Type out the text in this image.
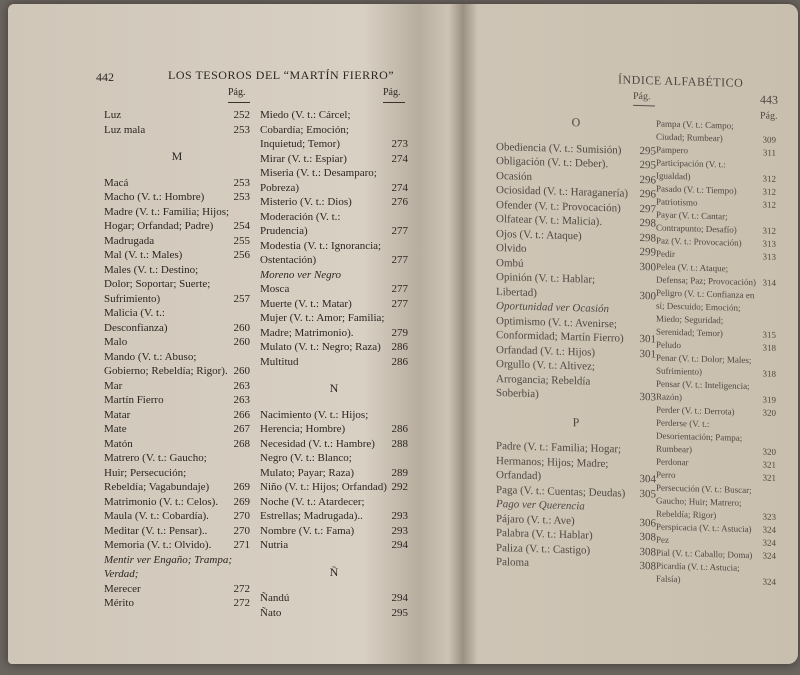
442	LOS TESOROS DEL “MARTÍN FIERRO”
Pág.	Pág.
Luz	252
Luz mala	253
M
Macá	253
Macho (V. t.: Hombre)	253
Madre (V. t.: Familia; Hijos; Hogar; Orfandad; Padre)	254
Madrugada	255
Mal (V. t.: Males)	256
Males (V. t.: Destino; Dolor; Soportar; Suerte; Sufrimiento)	257
Malicia (V. t.: Desconfianza)	260
Malo	260
Mando (V. t.: Abuso; Gobierno; Rebeldía; Rigor). 260
Mar	263
Martín Fierro	263
Matar	266
Mate	267
Matón	268
Matrero (V. t.: Gaucho; Huir; Persecución; Rebeldía; Vagabundaje)	269
Matrimonio (V. t.: Celos).	269
Maula (V. t.: Cobardía).	270
Meditar (V. t.: Pensar)..	270
Memoria (V. t.: Olvido).	271
Mentir ver Engaño; Trampa; Verdad;
Merecer	272
Mérito	272
Miedo (V. t.: Cárcel; Cobardía; Emoción; Inquietud; Temor)	273
Mirar (V. t.: Espiar)	274
Miseria (V. t.: Desamparo; Pobreza)	274
Misterio (V. t.: Dios)	276
Moderación (V. t.: Prudencia)	277
Modestia (V. t.: Ignorancia; Ostentación)	277
Moreno ver Negro
Mosca	277
Muerte (V. t.: Matar)	277
Mujer (V. t.: Amor; Familia; Madre; Matrimonio).	279
Mulato (V. t.: Negro; Raza) 286
Multitud	286
N
Nacimiento (V. t.: Hijos; Herencia; Hombre)	286
Necesidad (V. t.: Hambre)	288
Negro (V. t.: Blanco; Mulato; Payar; Raza)	289
Niño (V. t.: Hijos; Orfandad) 292
Noche (V. t.: Atardecer; Estrellas; Madrugada)..	293
Nombre (V. t.: Fama)	293
Nutria	294
Ñ
Ñandú	294
Ñato	295
ÍNDICE ALFABÉTICO
443
Pág.
Pág.
O
Obediencia (V. t.: Sumisión)	295
Obligación (V. t.: Deber).	295
Ocasión	296
Ociosidad (V. t.: Haraganería)	296
Ofender (V. t.: Provocación)	297
Olfatear (V. t.: Malicia).	298
Ojos (V. t.: Ataque)	298
Olvido	299
Ombú	300
Opinión (V. t.: Hablar; Libertad)	300
Oportunidad ver Ocasión
Optimismo (V. t.: Avenirse; Conformidad; Martín Fierro)	301
Orfandad (V. t.: Hijos)	301
Orgullo (V. t.: Altivez; Arrogancia; Rebeldía Soberbia)	303
P
Padre (V. t.: Familia; Hogar; Hermanos; Hijos; Madre; Orfandad)	304
Paga (V. t.: Cuentas; Deudas)	305
Pago ver Querencia
Pájaro (V. t.: Ave)	306
Palabra (V. t.: Hablar)	308
Paliza (V. t.: Castigo)	308
Paloma	308
Pampa (V. t.: Campo; Ciudad; Rumbear)	309
Pampero	311
Participación (V. t.: Igualdad)	312
Pasado (V. t.: Tiempo)	312
Patriotismo	312
Payar (V. t.: Cantar; Contrapunto; Desafío)	312
Paz (V. t.: Provocación)	313
Pedir	313
Pelea (V. t.: Ataque; Defensa; Paz; Provocación) 314
Peligro (V. t.: Confianza en sí; Descuido; Emoción; Miedo; Seguridad; Serenidad; Temor)	315
Peludo	318
Penar (V. t.: Dolor; Males; Sufrimiento)	318
Pensar (V. t.: Inteligencia; Razón)	319
Perder (V. t.: Derrota)	320
Perderse (V. t.: Desorientación; Pampa; Rumbear)	320
Perdonar	321
Perro	321
Persecución (V. t.: Buscar; Gaucho; Huir; Matrero; Rebeldía; Rigor)	323
Perspicacia (V. t.: Astucia)	324
Pez	324
Pial (V. t.: Caballo; Doma)	324
Picardía (V. t.: Astucia; Falsía)	324
